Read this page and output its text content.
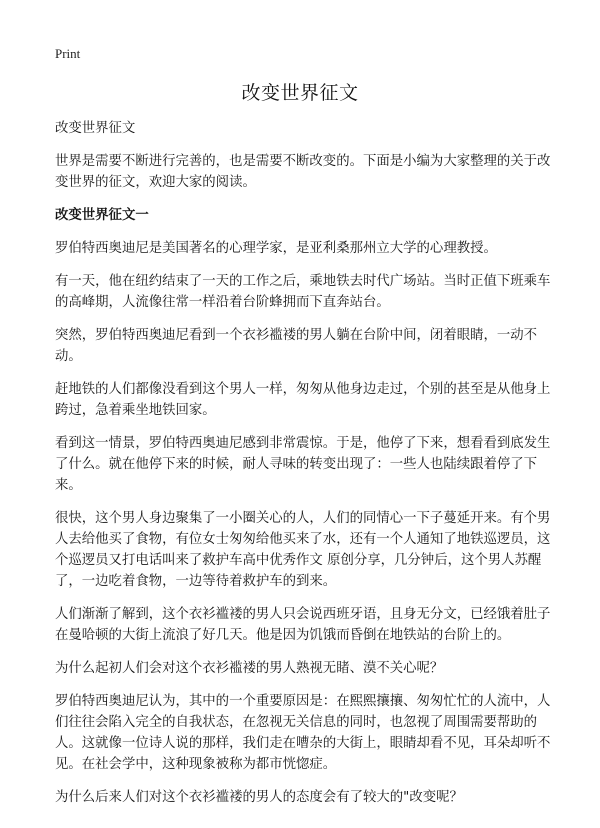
Print
改变世界征文

改变世界征文

世界是需要不断进行完善的，也是需要不断改变的。下面是小编为大家整理的关于改变世界的征文，欢迎大家的阅读。

改变世界征文一

罗伯特西奥迪尼是美国著名的心理学家，是亚利桑那州立大学的心理教授。

有一天，他在纽约结束了一天的工作之后，乘地铁去时代广场站。当时正值下班乘车的高峰期，人流像往常一样沿着台阶蜂拥而下直奔站台。

突然，罗伯特西奥迪尼看到一个衣衫褴褛的男人躺在台阶中间，闭着眼睛，一动不动。

赶地铁的人们都像没看到这个男人一样，匆匆从他身边走过，个别的甚至是从他身上跨过，急着乘坐地铁回家。

看到这一情景，罗伯特西奥迪尼感到非常震惊。于是，他停了下来，想看看到底发生了什么。就在他停下来的时候，耐人寻味的转变出现了：一些人也陆续跟着停了下来。

很快，这个男人身边聚集了一小圈关心的人，人们的同情心一下子蔓延开来。有个男人去给他买了食物，有位女士匆匆给他买来了水，还有一个人通知了地铁巡逻员，这个巡逻员又打电话叫来了救护车高中优秀作文 原创分享，几分钟后，这个男人苏醒了，一边吃着食物，一边等待着救护车的到来。

人们渐渐了解到，这个衣衫褴褛的男人只会说西班牙语，且身无分文，已经饿着肚子在曼哈顿的大街上流浪了好几天。他是因为饥饿而昏倒在地铁站的台阶上的。

为什么起初人们会对这个衣衫褴褛的男人熟视无睹、漠不关心呢？

罗伯特西奥迪尼认为，其中的一个重要原因是：在熙熙攘攘、匆匆忙忙的人流中，人们往往会陷入完全的自我状态，在忽视无关信息的同时，也忽视了周围需要帮助的人。这就像一位诗人说的那样，我们走在嘈杂的大街上，眼睛却看不见，耳朵却听不见。在社会学中，这种现象被称为都市恍惚症。

为什么后来人们对这个衣衫褴褛的男人的态度会有了较大的"改变呢？
